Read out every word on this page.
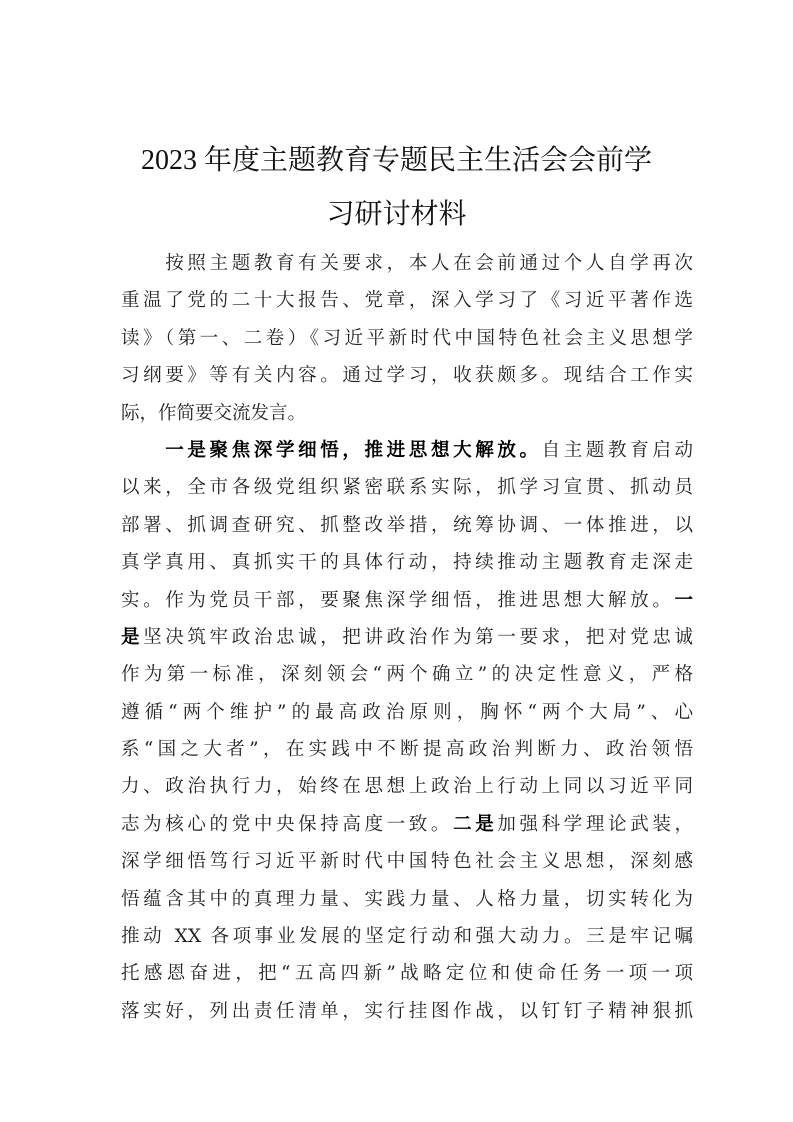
2023 年度主题教育专题民主生活会会前学
习研讨材料
　　按照主题教育有关要求，本人在会前通过个人自学再次
重温了党的二十大报告、党章，深入学习了《习近平著作选
读》（第一、二卷）《习近平新时代中国特色社会主义思想学
习纲要》等有关内容。通过学习，收获颇多。现结合工作实
际，作简要交流发言。
　　一是聚焦深学细悟，推进思想大解放。自主题教育启动
以来，全市各级党组织紧密联系实际，抓学习宣贯、抓动员
部署、抓调查研究、抓整改举措，统筹协调、一体推进，以
真学真用、真抓实干的具体行动，持续推动主题教育走深走
实。作为党员干部，要聚焦深学细悟，推进思想大解放。一
是坚决筑牢政治忠诚，把讲政治作为第一要求，把对党忠诚
作为第一标准，深刻领会“两个确立”的决定性意义，严格
遵循“两个维护”的最高政治原则，胸怀“两个大局”、心
系“国之大者”，在实践中不断提高政治判断力、政治领悟
力、政治执行力，始终在思想上政治上行动上同以习近平同
志为核心的党中央保持高度一致。二是加强科学理论武装，
深学细悟笃行习近平新时代中国特色社会主义思想，深刻感
悟蕴含其中的真理力量、实践力量、人格力量，切实转化为
推动 XX 各项事业发展的坚定行动和强大动力。三是牢记嘱
托感恩奋进，把“五高四新”战略定位和使命任务一项一项
落实好，列出责任清单，实行挂图作战，以钉钉子精神狠抓
